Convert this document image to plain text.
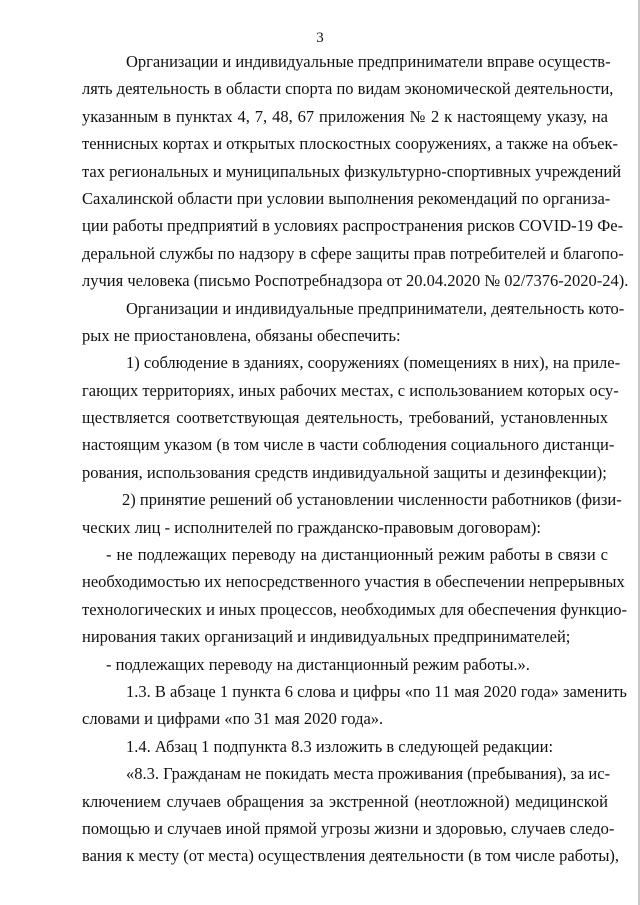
3
Организации и индивидуальные предприниматели вправе осуществ-
лять деятельность в области спорта по видам экономической деятельности,
указанным в пунктах 4, 7, 48, 67 приложения № 2 к настоящему указу, на
теннисных кортах и открытых плоскостных сооружениях, а также на объек-
тах региональных и муниципальных физкультурно-спортивных учреждений
Сахалинской области при условии выполнения рекомендаций по организа-
ции работы предприятий в условиях распространения рисков COVID-19 Фе-
деральной службы по надзору в сфере защиты прав потребителей и благопо-
лучия человека (письмо Роспотребнадзора от 20.04.2020 № 02/7376-2020-24).
Организации и индивидуальные предприниматели, деятельность кото-
рых не приостановлена, обязаны обеспечить:
1) соблюдение в зданиях, сооружениях (помещениях в них), на приле-
гающих территориях, иных рабочих местах, с использованием которых осу-
ществляется соответствующая деятельность, требований, установленных
настоящим указом (в том числе в части соблюдения социального дистанци-
рования, использования средств индивидуальной защиты и дезинфекции);
2) принятие решений об установлении численности работников (физи-
ческих лиц - исполнителей по гражданско-правовым договорам):
- не подлежащих переводу на дистанционный режим работы в связи с
необходимостью их непосредственного участия в обеспечении непрерывных
технологических и иных процессов, необходимых для обеспечения функцио-
нирования таких организаций и индивидуальных предпринимателей;
- подлежащих переводу на дистанционный режим работы.».
1.3. В абзаце 1 пункта 6 слова и цифры «по 11 мая 2020 года» заменить
словами и цифрами «по 31 мая 2020 года».
1.4. Абзац 1 подпункта 8.3 изложить в следующей редакции:
«8.3. Гражданам не покидать места проживания (пребывания), за ис-
ключением случаев обращения за экстренной (неотложной) медицинской
помощью и случаев иной прямой угрозы жизни и здоровью, случаев следо-
вания к месту (от места) осуществления деятельности (в том числе работы),
